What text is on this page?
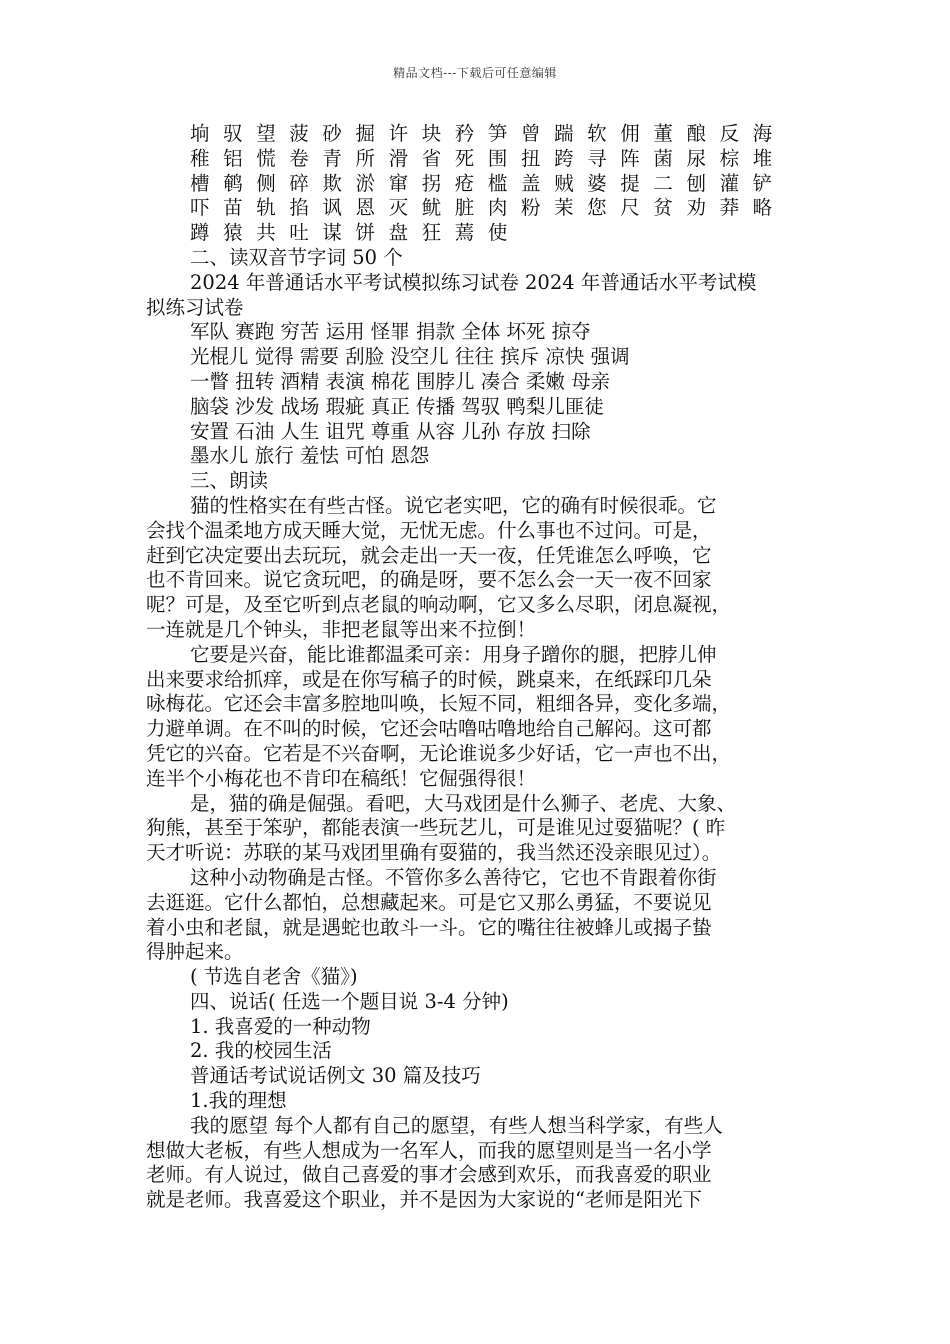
精品文档---下载后可任意编辑
垧 驭 望 菠 砂 掘 许 块 矜 笋 曾 踹 软 佣 董 酿 反 海
稚 铝 慌 卷 青 所 滑 省 死 围 扭 跨 寻 阵 菌 尿 棕 堆
槽 鹌 侧 碎 欺 淤 窜 拐 疮 槛 盖 贼 婆 提 二 刨 灌 铲
吓 苗 轨 掐 讽 恩 灭 鱿 脏 肉 粉 茉 您 尺 贫 劝 莽 略
蹲 猿 共 吐 谋 饼 盘 狂 蔫 使
二、读双音节字词 50 个
2024 年普通话水平考试模拟练习试卷 2024 年普通话水平考试模
拟练习试卷
军队 赛跑 穷苦 运用 怪罪 捐款 全体 坏死 掠夺
光棍儿 觉得 需要 刮脸 没空儿 往往 摈斥 凉快 强调
一瞥 扭转 酒精 表演 棉花 围脖儿 凑合 柔嫩 母亲
脑袋 沙发 战场 瑕疵 真正 传播 驾驭 鸭梨儿匪徒
安置 石油 人生 诅咒 尊重 从容 儿孙 存放 扫除
墨水儿 旅行 羞怯 可怕 恩怨
三、朗读
猫的性格实在有些古怪。说它老实吧，它的确有时候很乖。它
会找个温柔地方成天睡大觉，无忧无虑。什么事也不过问。可是，
赶到它决定要出去玩玩，就会走出一天一夜，任凭谁怎么呼唤，它
也不肯回来。说它贪玩吧，的确是呀，要不怎么会一天一夜不回家
呢？可是，及至它听到点老鼠的响动啊，它又多么尽职，闭息凝视，
一连就是几个钟头，非把老鼠等出来不拉倒！
它要是兴奋，能比谁都温柔可亲：用身子蹭你的腿，把脖儿伸
出来要求给抓痒，或是在你写稿子的时候，跳桌来，在纸踩印几朵
咏梅花。它还会丰富多腔地叫唤，长短不同，粗细各异，变化多端，
力避单调。在不叫的时候，它还会咕噜咕噜地给自己解闷。这可都
凭它的兴奋。它若是不兴奋啊，无论谁说多少好话，它一声也不出，
连半个小梅花也不肯印在稿纸！它倔强得很！
是，猫的确是倔强。看吧，大马戏团是什么狮子、老虎、大象、
狗熊，甚至于笨驴，都能表演一些玩艺儿，可是谁见过耍猫呢？( 昨
天才听说：苏联的某马戏团里确有耍猫的，我当然还没亲眼见过）。
这种小动物确是古怪。不管你多么善待它，它也不肯跟着你街
去逛逛。它什么都怕，总想藏起来。可是它又那么勇猛，不要说见
着小虫和老鼠，就是遇蛇也敢斗一斗。它的嘴往往被蜂儿或揭子蛰
得肿起来。
( 节选自老舍《猫》)
四、说话( 任选一个题目说 3-4 分钟)
1. 我喜爱的一种动物
2. 我的校园生活
普通话考试说话例文 30 篇及技巧
1.我的理想
我的愿望 每个人都有自己的愿望，有些人想当科学家，有些人
想做大老板，有些人想成为一名军人，而我的愿望则是当一名小学
老师。有人说过，做自己喜爱的事才会感到欢乐，而我喜爱的职业
就是老师。我喜爱这个职业，并不是因为大家说的“老师是阳光下
